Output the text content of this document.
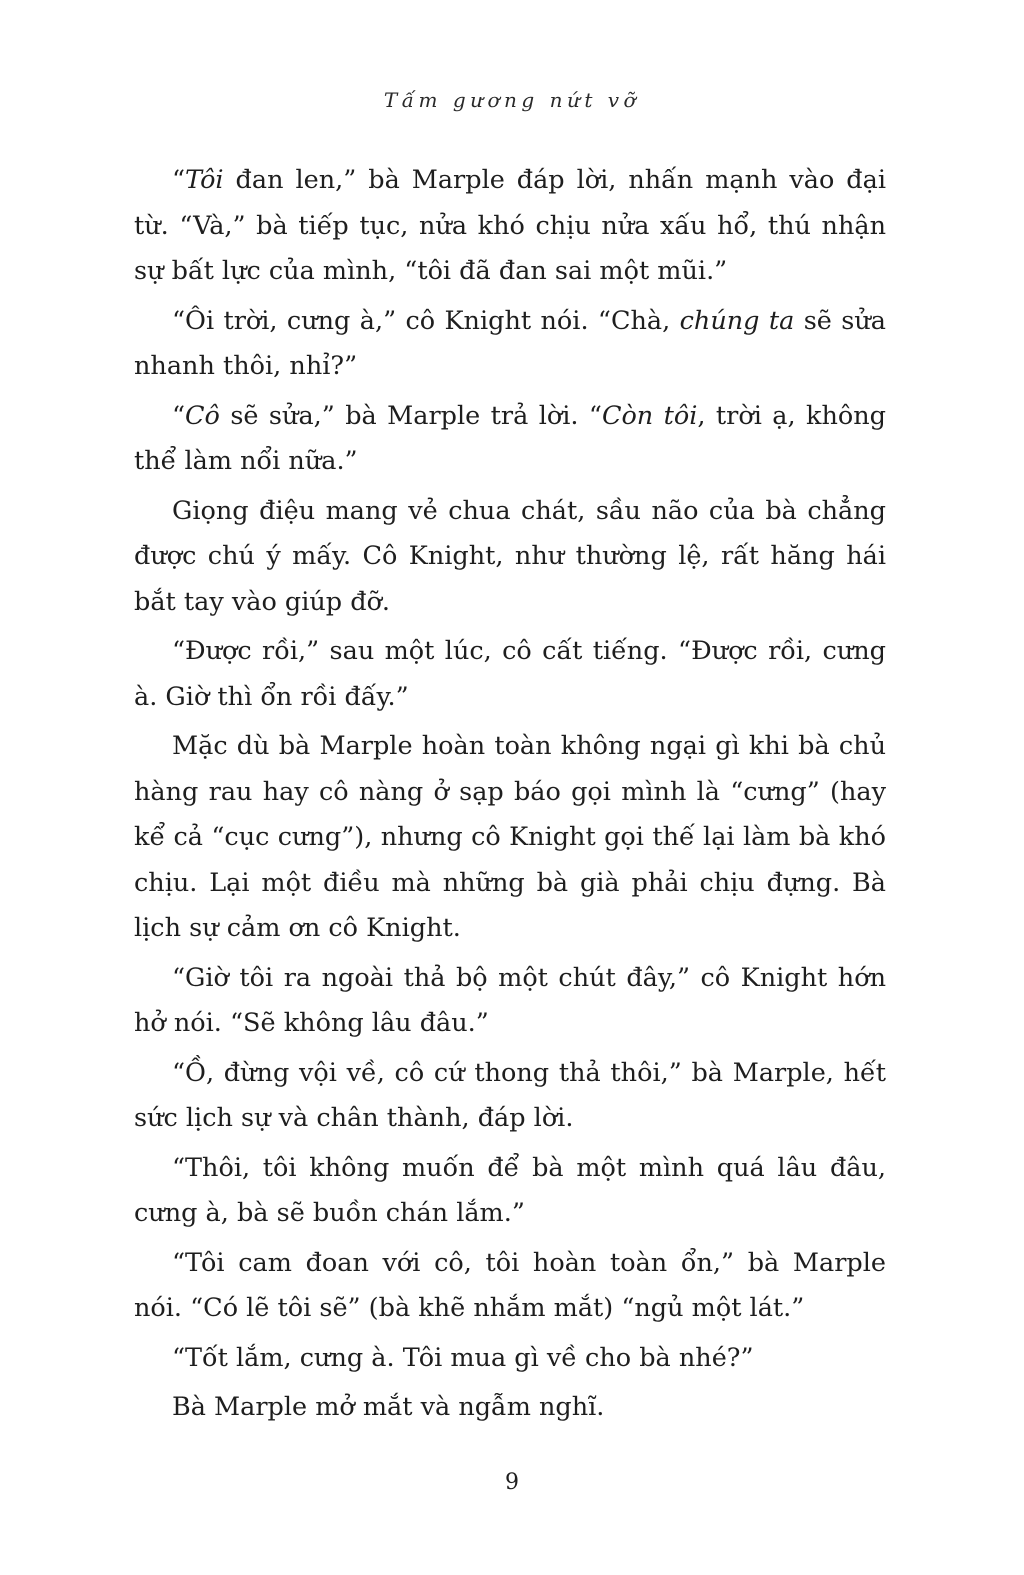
Tấm gương nứt vỡ

“Tôi đan len,” bà Marple đáp lời, nhấn mạnh vào đại từ. “Và,” bà tiếp tục, nửa khó chịu nửa xấu hổ, thú nhận sự bất lực của mình, “tôi đã đan sai một mũi.”

“Ôi trời, cưng à,” cô Knight nói. “Chà, chúng ta sẽ sửa nhanh thôi, nhỉ?”

“Cô sẽ sửa,” bà Marple trả lời. “Còn tôi, trời ạ, không thể làm nổi nữa.”

Giọng điệu mang vẻ chua chát, sầu não của bà chẳng được chú ý mấy. Cô Knight, như thường lệ, rất hăng hái bắt tay vào giúp đỡ.

“Được rồi,” sau một lúc, cô cất tiếng. “Được rồi, cưng à. Giờ thì ổn rồi đấy.”

Mặc dù bà Marple hoàn toàn không ngại gì khi bà chủ hàng rau hay cô nàng ở sạp báo gọi mình là “cưng” (hay kể cả “cục cưng”), nhưng cô Knight gọi thế lại làm bà khó chịu. Lại một điều mà những bà già phải chịu đựng. Bà lịch sự cảm ơn cô Knight.

“Giờ tôi ra ngoài thả bộ một chút đây,” cô Knight hớn hở nói. “Sẽ không lâu đâu.”

“Ồ, đừng vội về, cô cứ thong thả thôi,” bà Marple, hết sức lịch sự và chân thành, đáp lời.

“Thôi, tôi không muốn để bà một mình quá lâu đâu, cưng à, bà sẽ buồn chán lắm.”

“Tôi cam đoan với cô, tôi hoàn toàn ổn,” bà Marple nói. “Có lẽ tôi sẽ” (bà khẽ nhắm mắt) “ngủ một lát.”

“Tốt lắm, cưng à. Tôi mua gì về cho bà nhé?”

Bà Marple mở mắt và ngẫm nghĩ.

9
